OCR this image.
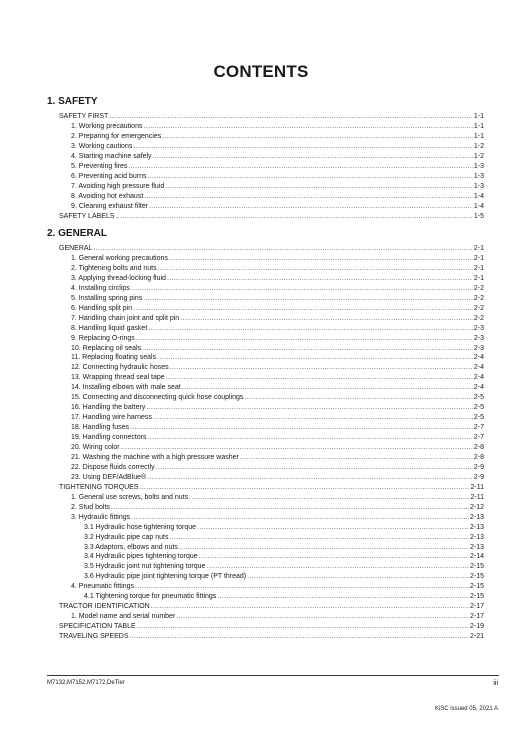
CONTENTS
1. SAFETY
SAFETY FIRST .....	1-1
1. Working precautions .....	1-1
2. Preparing for emergencies .....	1-1
3. Working cautions .....	1-2
4. Starting machine safely .....	1-2
5. Preventing fires .....	1-3
6. Preventing acid burns .....	1-3
7. Avoiding high pressure fluid .....	1-3
8. Avoiding hot exhaust .....	1-4
9. Cleaning exhaust filter .....	1-4
SAFETY LABELS .....	1-5
2. GENERAL
GENERAL .....	2-1
1. General working precautions .....	2-1
2. Tightening bolts and nuts .....	2-1
3. Applying thread-locking fluid .....	2-1
4. Installing circlips .....	2-2
5. Installing spring pins .....	2-2
6. Handling split pin .....	2-2
7. Handling chain joint and split pin .....	2-2
8. Handling liquid gasket .....	2-3
9. Replacing O-rings .....	2-3
10. Replacing oil seals .....	2-3
11. Replacing floating seals .....	2-4
12. Connecting hydraulic hoses .....	2-4
13. Wrapping thread seal tape .....	2-4
14. Installing elbows with male seat .....	2-4
15. Connecting and disconnecting quick hose couplings .....	2-5
16. Handling the battery .....	2-5
17. Handling wire harness .....	2-5
18. Handling fuses .....	2-7
19. Handling connectors .....	2-7
20. Wiring color .....	2-8
21. Washing the machine with a high pressure washer .....	2-8
22. Dispose fluids correctly .....	2-9
23. Using DEF/AdBlue® .....	2-9
TIGHTENING TORQUES .....	2-11
1. General use screws, bolts and nuts .....	2-11
2. Stud bolts .....	2-12
3. Hydraulic fittings .....	2-13
3.1 Hydraulic hose tightening torque .....	2-13
3.2 Hydraulic pipe cap nuts .....	2-13
3.3 Adaptors, elbows and nuts .....	2-13
3.4 Hydraulic pipes tightening torque .....	2-14
3.5 Hydraulic joint nut tightening torque .....	2-15
3.6 Hydraulic pipe joint tightening torque (PT thread) .....	2-15
4. Pneumatic fittings .....	2-15
4.1 Tightening torque for pneumatic fittings .....	2-15
TRACTOR IDENTIFICATION .....	2-17
1. Model name and serial number .....	2-17
SPECIFICATION TABLE .....	2-19
TRAVELING SPEEDS .....	2-21
M7132,M7152,M7172,DeTier	iii
KiSC issued 05, 2021 A
